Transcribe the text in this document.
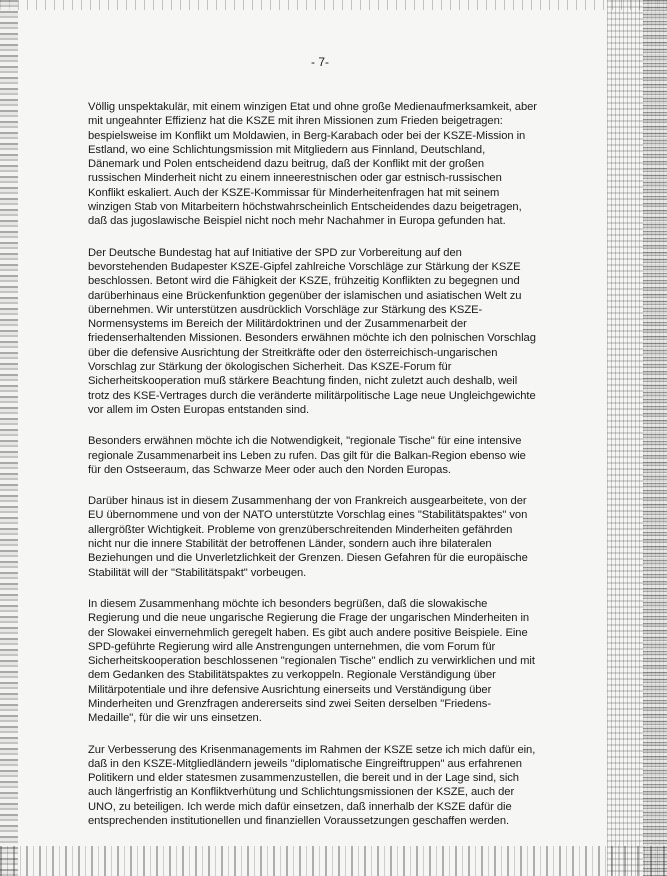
- 7-

Völlig unspektakulär, mit einem winzigen Etat und ohne große Medienaufmerksamkeit, aber mit ungeahnter Effizienz hat die KSZE mit ihren Missionen zum Frieden beigetragen: bespielsweise im Konflikt um Moldawien, in Berg-Karabach oder bei der KSZE-Mission in Estland, wo eine Schlichtungsmission mit Mitgliedern aus Finnland, Deutschland, Dänemark und Polen entscheidend dazu beitrug, daß der Konflikt mit der großen russischen Minderheit nicht zu einem inneerestnischen oder gar estnisch-russischen Konflikt eskaliert. Auch der KSZE-Kommissar für Minderheitenfragen hat mit seinem winzigen Stab von Mitarbeitern höchstwahrscheinlich Entscheidendes dazu beigetragen, daß das jugoslawische Beispiel nicht noch mehr Nachahmer in Europa gefunden hat.

Der Deutsche Bundestag hat auf Initiative der SPD zur Vorbereitung auf den bevorstehenden Budapester KSZE-Gipfel zahlreiche Vorschläge zur Stärkung der KSZE beschlossen. Betont wird die Fähigkeit der KSZE, frühzeitig Konflikten zu begegnen und darüberhinaus eine Brückenfunktion gegenüber der islamischen und asiatischen Welt zu übernehmen. Wir unterstützen ausdrücklich Vorschläge zur Stärkung des KSZE-Normensystems im Bereich der Militärdoktrinen und der Zusammenarbeit der friedenserhaltenden Missionen. Besonders erwähnen möchte ich den polnischen Vorschlag über die defensive Ausrichtung der Streitkräfte oder den österreichisch-ungarischen Vorschlag zur Stärkung der ökologischen Sicherheit. Das KSZE-Forum für Sicherheitskooperation muß stärkere Beachtung finden, nicht zuletzt auch deshalb, weil trotz des KSE-Vertrages durch die veränderte militärpolitische Lage neue Ungleichgewichte vor allem im Osten Europas entstanden sind.

Besonders erwähnen möchte ich die Notwendigkeit, "regionale Tische" für eine intensive regionale Zusammenarbeit ins Leben zu rufen. Das gilt für die Balkan-Region ebenso wie für den Ostseeraum, das Schwarze Meer oder auch den Norden Europas.

Darüber hinaus ist in diesem Zusammenhang der von Frankreich ausgearbeitete, von der EU übernommene und von der NATO unterstützte Vorschlag eines "Stabilitätspaktes" von allergrößter Wichtigkeit. Probleme von grenzüberschreitenden Minderheiten gefährden nicht nur die innere Stabilität der betroffenen Länder, sondern auch ihre bilateralen Beziehungen und die Unverletzlichkeit der Grenzen. Diesen Gefahren für die europäische Stabilität will der "Stabilitätspakt" vorbeugen.

In diesem Zusammenhang möchte ich besonders begrüßen, daß die slowakische Regierung und die neue ungarische Regierung die Frage der ungarischen Minderheiten in der Slowakei einvernehmlich geregelt haben. Es gibt auch andere positive Beispiele. Eine SPD-geführte Regierung wird alle Anstrengungen unternehmen, die vom Forum für Sicherheitskooperation beschlossenen "regionalen Tische" endlich zu verwirklichen und mit dem Gedanken des Stabilitätspaktes zu verkoppeln. Regionale Verständigung über Militärpotentiale und ihre defensive Ausrichtung einerseits und Verständigung über Minderheiten und Grenzfragen andererseits sind zwei Seiten derselben "Friedens-Medaille", für die wir uns einsetzen.

Zur Verbesserung des Krisenmanagements im Rahmen der KSZE setze ich mich dafür ein, daß in den KSZE-Mitgliedländern jeweils "diplomatische Eingreiftruppen" aus erfahrenen Politikern und elder statesmen zusammenzustellen, die bereit und in der Lage sind, sich auch längerfristig an Konfliktverhütung und Schlichtungsmissionen der KSZE, auch der UNO, zu beteiligen. Ich werde mich dafür einsetzen, daß innerhalb der KSZE dafür die entsprechenden institutionellen und finanziellen Voraussetzungen geschaffen werden.
